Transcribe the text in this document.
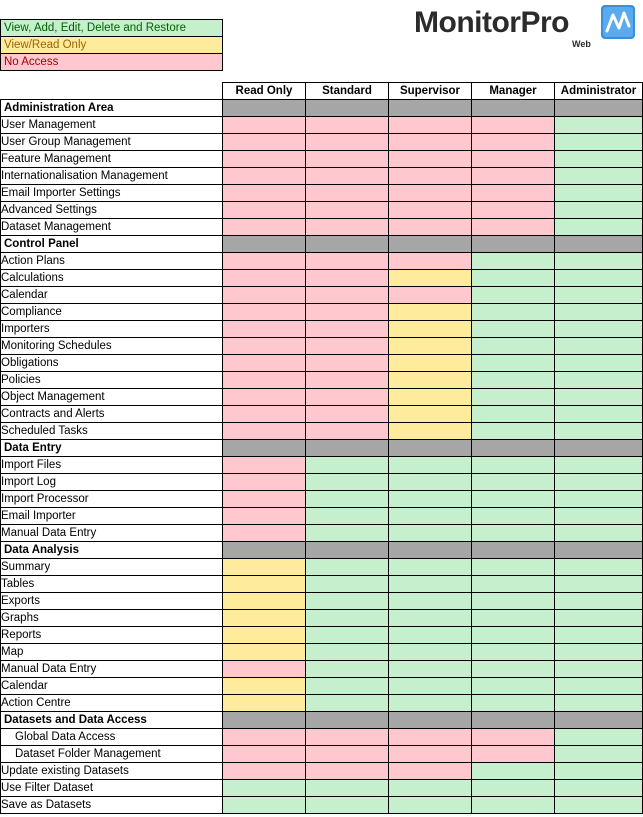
View, Add, Edit, Delete and Restore
View/Read Only
No Access
MonitorPro
Web
	Read Only	Standard	Supervisor	Manager	Administrator
Administration Area					
User Management					
User Group Management					
Feature Management					
Internationalisation Management					
Email Importer Settings					
Advanced Settings					
Dataset Management					
Control Panel					
Action Plans					
Calculations					
Calendar					
Compliance					
Importers					
Monitoring Schedules					
Obligations					
Policies					
Object Management					
Contracts and Alerts					
Scheduled Tasks					
Data Entry					
Import Files					
Import Log					
Import Processor					
Email Importer					
Manual Data Entry					
Data Analysis					
Summary					
Tables					
Exports					
Graphs					
Reports					
Map					
Manual Data Entry					
Calendar					
Action Centre					
Datasets and Data Access					
Global Data Access					
Dataset Folder Management					
Update existing Datasets					
Use Filter Dataset					
Save as Datasets					
